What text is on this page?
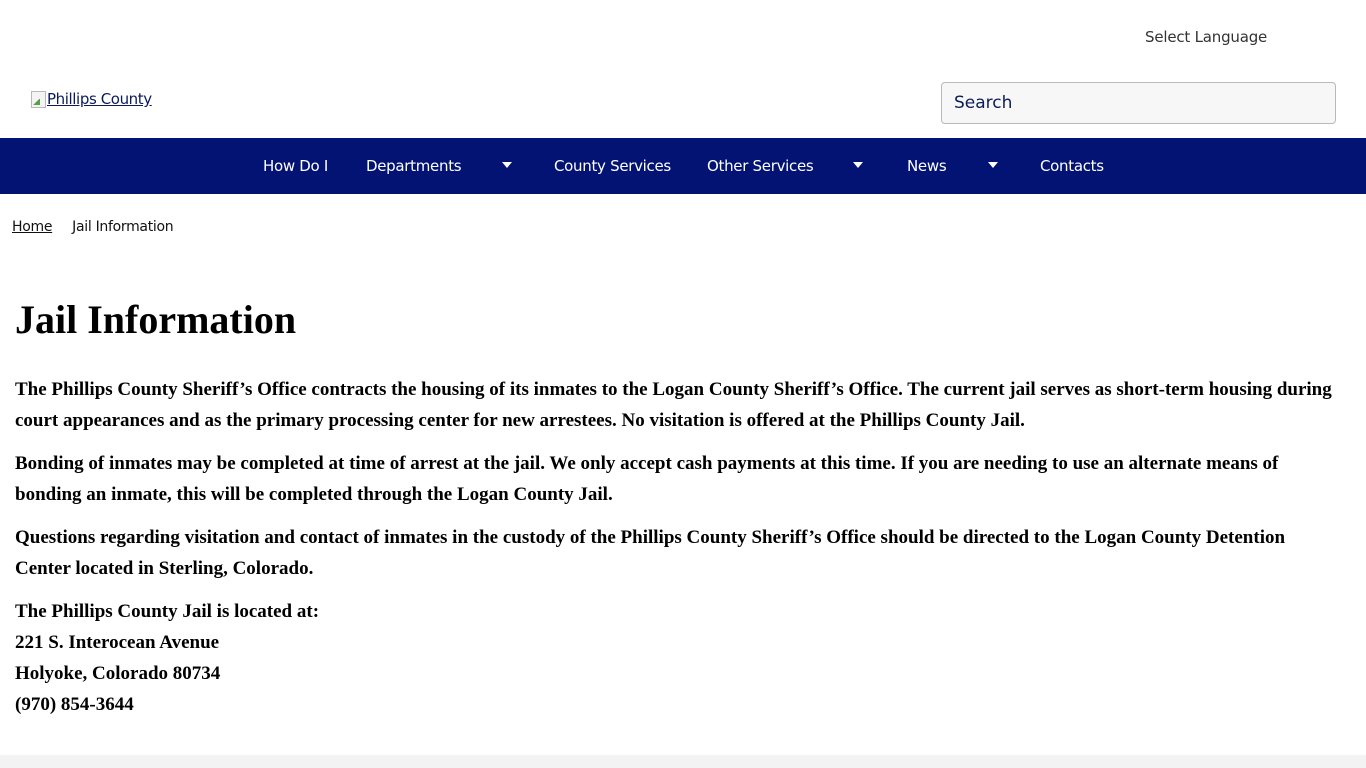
Select Language
Phillips County
Search
How Do I	Departments	County Services Other Services	News	Contacts
Home Jail Information
Jail Information

The Phillips County Sheriff’s Office contracts the housing of its inmates to the Logan County Sheriff’s Office. The current jail serves as short-term housing during court appearances and as the primary processing center for new arrestees. No visitation is offered at the Phillips County Jail.

Bonding of inmates may be completed at time of arrest at the jail. We only accept cash payments at this time. If you are needing to use an alternate means of bonding an inmate, this will be completed through the Logan County Jail.

Questions regarding visitation and contact of inmates in the custody of the Phillips County Sheriff’s Office should be directed to the Logan County Detention Center located in Sterling, Colorado.

The Phillips County Jail is located at:
221 S. Interocean Avenue
Holyoke, Colorado 80734
(970) 854-3644
